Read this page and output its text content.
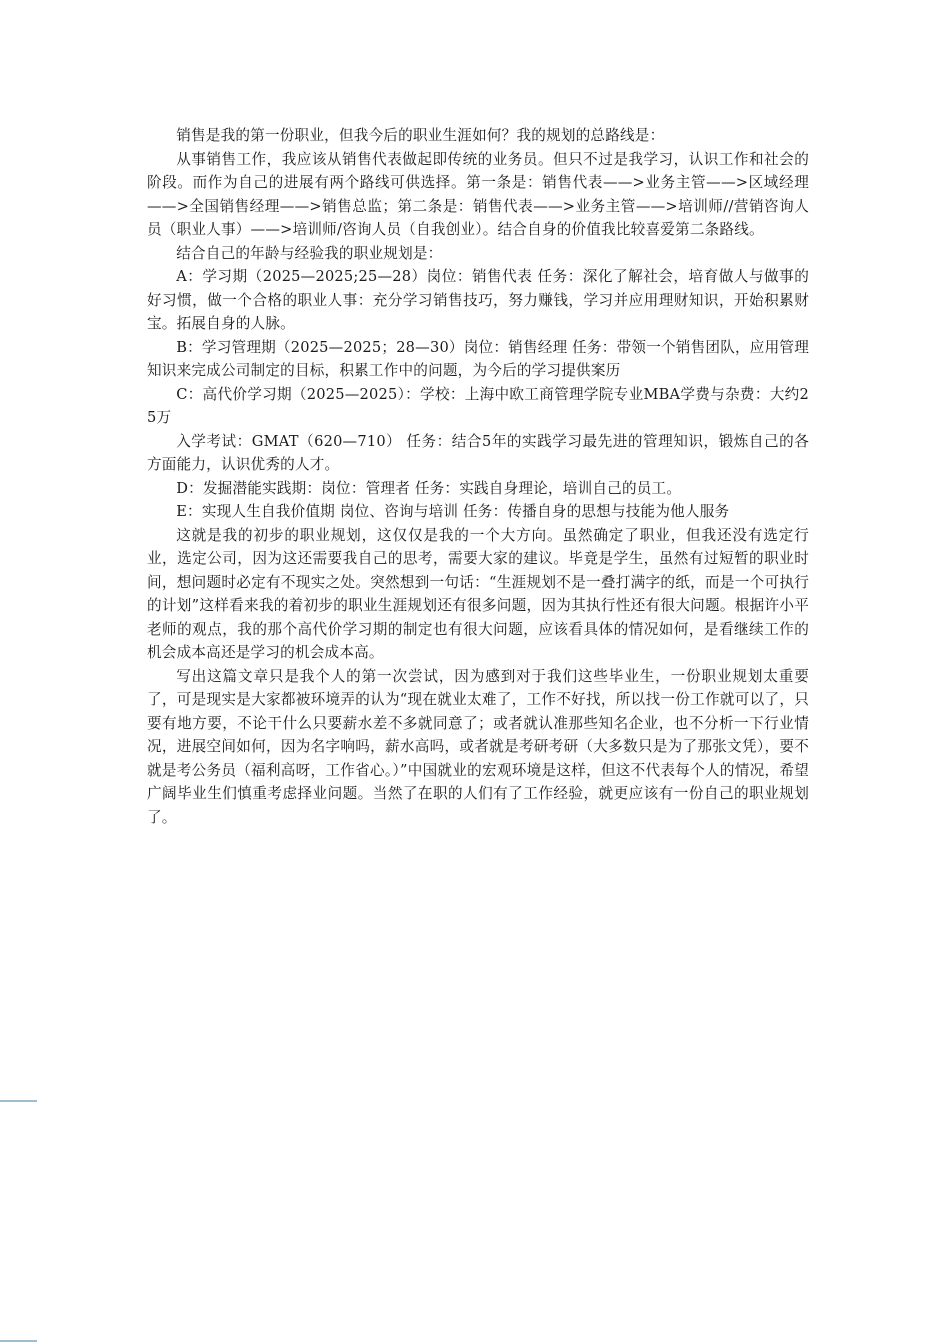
销售是我的第一份职业，但我今后的职业生涯如何？我的规划的总路线是：

从事销售工作，我应该从销售代表做起即传统的业务员。但只不过是我学习，认识工作和社会的阶段。而作为自己的进展有两个路线可供选择。第一条是：销售代表——>业务主管——>区域经理——>全国销售经理——>销售总监；第二条是：销售代表——>业务主管——>培训师//营销咨询人员（职业人事）——>培训师/咨询人员（自我创业）。结合自身的价值我比较喜爱第二条路线。

结合自己的年龄与经验我的职业规划是：

A：学习期（2025—2025;25—28）岗位：销售代表 任务：深化了解社会，培育做人与做事的好习惯，做一个合格的职业人事：充分学习销售技巧，努力赚钱，学习并应用理财知识，开始积累财宝。拓展自身的人脉。

B：学习管理期（2025—2025；28—30）岗位：销售经理 任务：带领一个销售团队，应用管理知识来完成公司制定的目标，积累工作中的问题，为今后的学习提供案历

C：高代价学习期（2025—2025）：学校：上海中欧工商管理学院专业MBA学费与杂费：大约25万

入学考试：GMAT（620—710） 任务：结合5年的实践学习最先进的管理知识，锻炼自己的各方面能力，认识优秀的人才。

D：发掘潜能实践期：岗位：管理者 任务：实践自身理论，培训自己的员工。

E：实现人生自我价值期 岗位、咨询与培训 任务：传播自身的思想与技能为他人服务

这就是我的初步的职业规划，这仅仅是我的一个大方向。虽然确定了职业，但我还没有选定行业，选定公司，因为这还需要我自己的思考，需要大家的建议。毕竟是学生，虽然有过短暂的职业时间，想问题时必定有不现实之处。突然想到一句话：“生涯规划不是一叠打满字的纸，而是一个可执行的计划”这样看来我的着初步的职业生涯规划还有很多问题，因为其执行性还有很大问题。根据许小平老师的观点，我的那个高代价学习期的制定也有很大问题，应该看具体的情况如何，是看继续工作的机会成本高还是学习的机会成本高。

写出这篇文章只是我个人的第一次尝试，因为感到对于我们这些毕业生，一份职业规划太重要了，可是现实是大家都被环境弄的认为“现在就业太难了，工作不好找，所以找一份工作就可以了，只要有地方要，不论干什么只要薪水差不多就同意了；或者就认准那些知名企业，也不分析一下行业情况，进展空间如何，因为名字响吗，薪水高吗，或者就是考研考研（大多数只是为了那张文凭），要不就是考公务员（福利高呀，工作省心。）”中国就业的宏观环境是这样，但这不代表每个人的情况，希望广阔毕业生们慎重考虑择业问题。当然了在职的人们有了工作经验，就更应该有一份自己的职业规划了。
